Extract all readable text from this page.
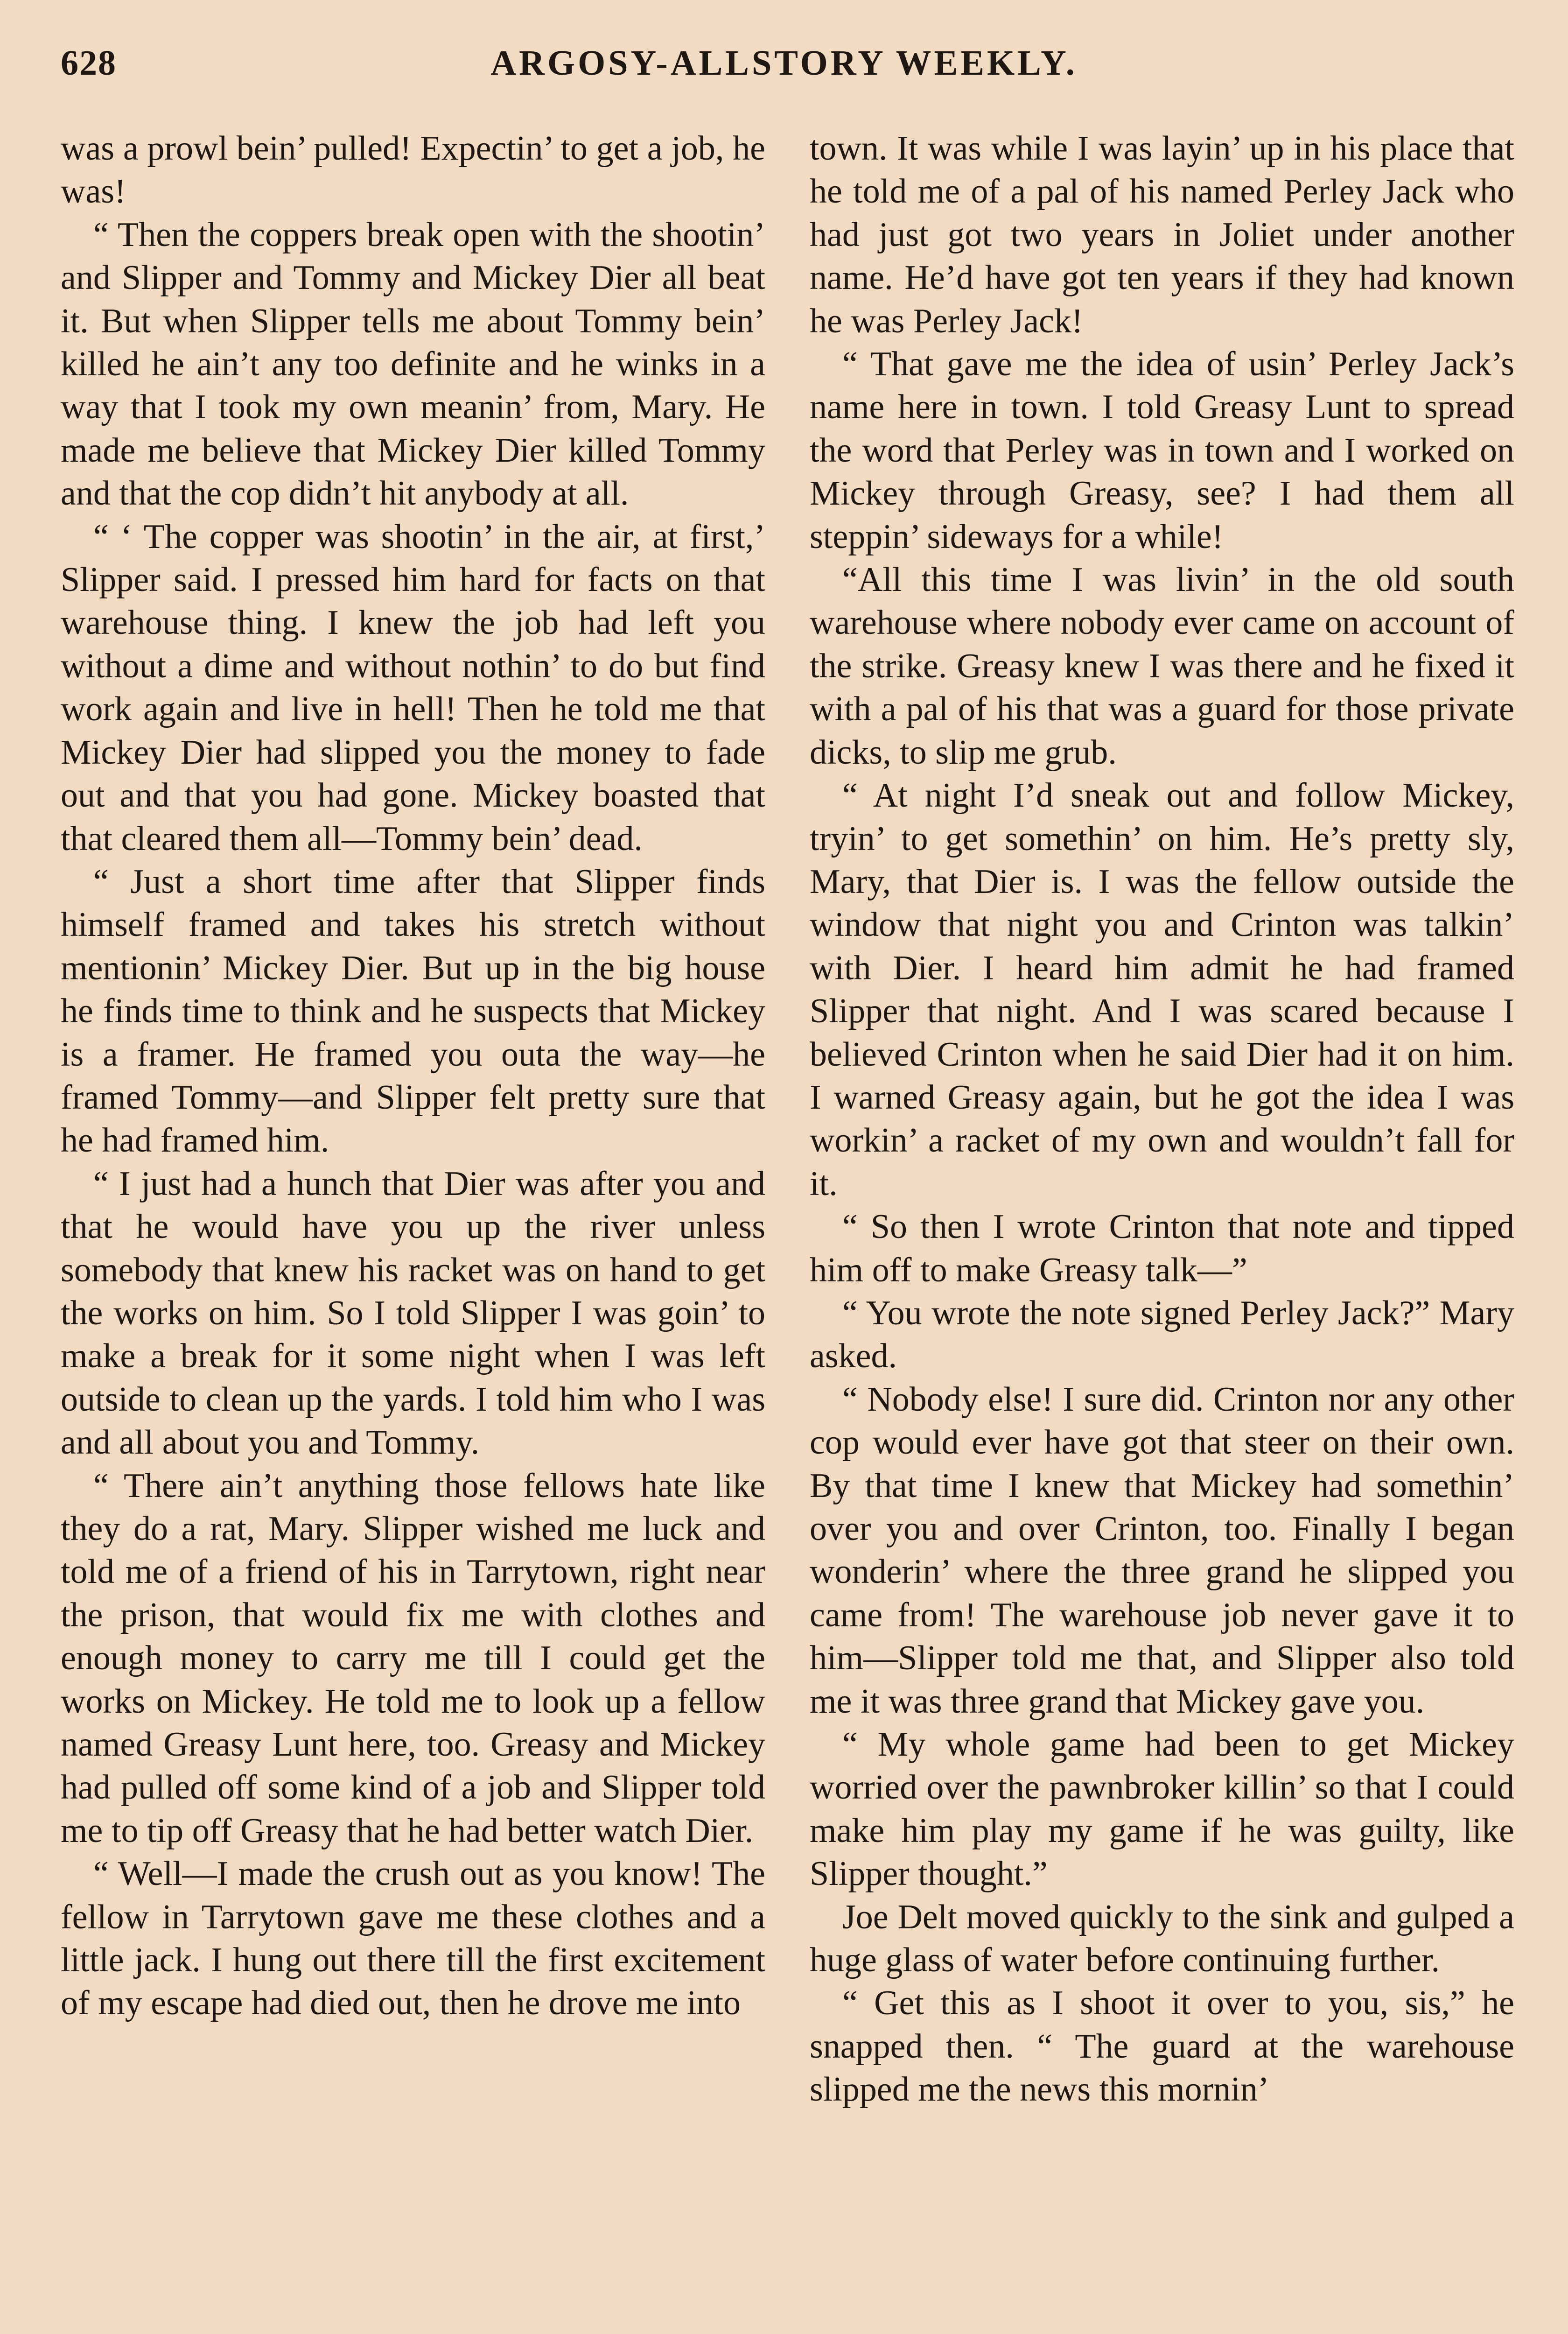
628	ARGOSY-ALLSTORY WEEKLY.

was a prowl bein’ pulled! Expectin’ to get a job, he was!

“ Then the coppers break open with the shootin’ and Slipper and Tommy and Mickey Dier all beat it. But when Slipper tells me about Tommy bein’ killed he ain’t any too definite and he winks in a way that I took my own meanin’ from, Mary. He made me believe that Mickey Dier killed Tommy and that the cop didn’t hit anybody at all.

“ ‘ The copper was shootin’ in the air, at first,’ Slipper said. I pressed him hard for facts on that warehouse thing. I knew the job had left you without a dime and without nothin’ to do but find work again and live in hell! Then he told me that Mickey Dier had slipped you the money to fade out and that you had gone. Mickey boasted that that cleared them all—Tommy bein’ dead.

“ Just a short time after that Slipper finds himself framed and takes his stretch without mentionin’ Mickey Dier. But up in the big house he finds time to think and he suspects that Mickey is a framer. He framed you outa the way—he framed Tommy—and Slipper felt pretty sure that he had framed him.

“ I just had a hunch that Dier was after you and that he would have you up the river unless somebody that knew his racket was on hand to get the works on him. So I told Slipper I was goin’ to make a break for it some night when I was left outside to clean up the yards. I told him who I was and all about you and Tommy.

“ There ain’t anything those fellows hate like they do a rat, Mary. Slipper wished me luck and told me of a friend of his in Tarrytown, right near the prison, that would fix me with clothes and enough money to carry me till I could get the works on Mickey. He told me to look up a fellow named Greasy Lunt here, too. Greasy and Mickey had pulled off some kind of a job and Slipper told me to tip off Greasy that he had better watch Dier.

“ Well—I made the crush out as you know! The fellow in Tarrytown gave me these clothes and a little jack. I hung out there till the first excitement of my escape had died out, then he drove me into

town. It was while I was layin’ up in his place that he told me of a pal of his named Perley Jack who had just got two years in Joliet under another name. He’d have got ten years if they had known he was Perley Jack!

“ That gave me the idea of usin’ Perley Jack’s name here in town. I told Greasy Lunt to spread the word that Perley was in town and I worked on Mickey through Greasy, see? I had them all steppin’ sideways for a while!

“All this time I was livin’ in the old south warehouse where nobody ever came on account of the strike. Greasy knew I was there and he fixed it with a pal of his that was a guard for those private dicks, to slip me grub.

“ At night I’d sneak out and follow Mickey, tryin’ to get somethin’ on him. He’s pretty sly, Mary, that Dier is. I was the fellow outside the window that night you and Crinton was talkin’ with Dier. I heard him admit he had framed Slipper that night. And I was scared because I believed Crinton when he said Dier had it on him. I warned Greasy again, but he got the idea I was workin’ a racket of my own and wouldn’t fall for it.

“ So then I wrote Crinton that note and tipped him off to make Greasy talk—”

“ You wrote the note signed Perley Jack?” Mary asked.

“ Nobody else! I sure did. Crinton nor any other cop would ever have got that steer on their own. By that time I knew that Mickey had somethin’ over you and over Crinton, too. Finally I began wonderin’ where the three grand he slipped you came from! The warehouse job never gave it to him—Slipper told me that, and Slipper also told me it was three grand that Mickey gave you.

“ My whole game had been to get Mickey worried over the pawnbroker killin’ so that I could make him play my game if he was guilty, like Slipper thought.”

Joe Delt moved quickly to the sink and gulped a huge glass of water before continuing further.

“ Get this as I shoot it over to you, sis,” he snapped then. “ The guard at the warehouse slipped me the news this mornin’
